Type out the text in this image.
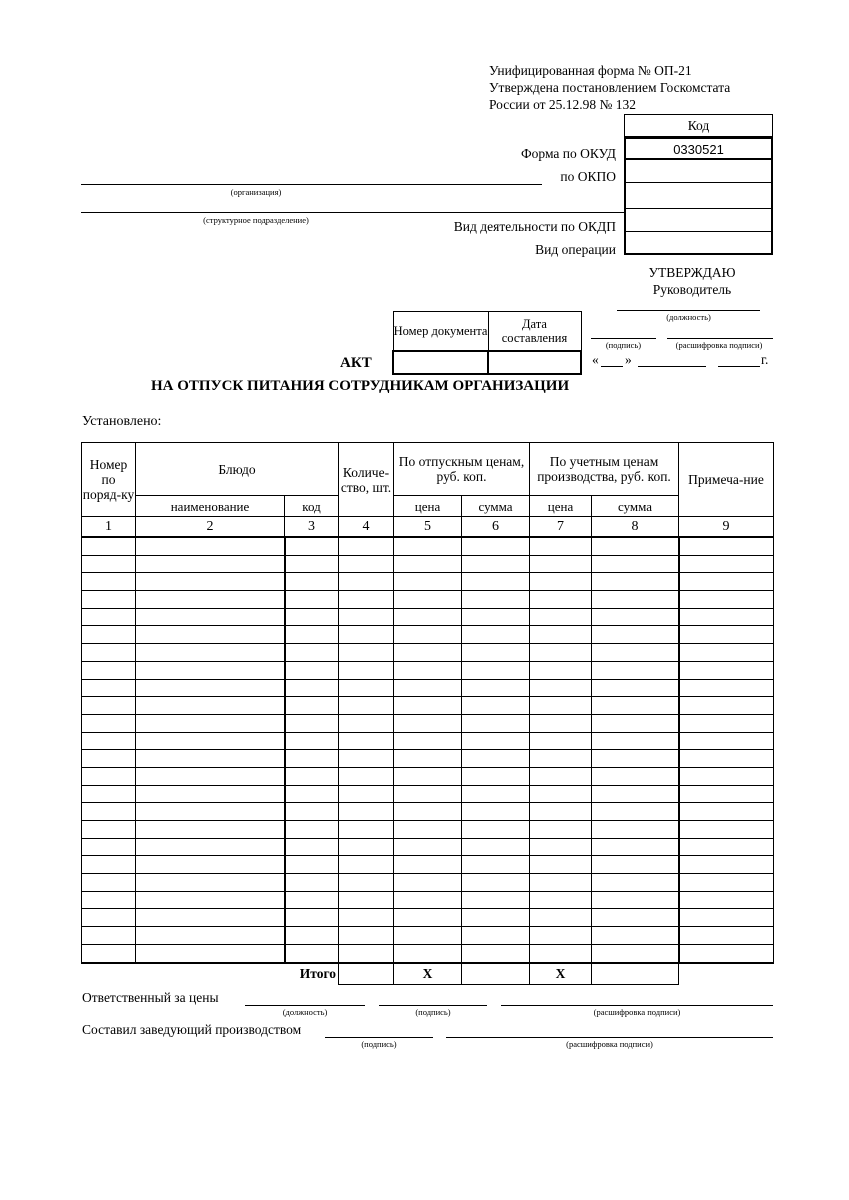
Унифицированная форма № ОП-21
Утверждена постановлением Госкомстата
России от 25.12.98 № 132
Код
0330521
Форма по ОКУД
по ОКПО
Вид деятельности по ОКДП
Вид операции
(организация)
(структурное подразделение)
УТВЕРЖДАЮ
Руководитель
(должность)
(подпись)	(расшифровка подписи)
« »	г.
Номер документа	Дата составления

АКТ
НА ОТПУСК ПИТАНИЯ СОТРУДНИКАМ ОРГАНИЗАЦИИ
Установлено:
Номер по поряд-ку	Блюдо		Количе-ство, шт.	По отпускным ценам, руб. коп.		По учетным ценам производства, руб. коп.		Примеча-ние
	наименование	код		цена	сумма	цена	сумма	
1	2	3	4	5	6	7	8	9

		Итого		X		X		
Ответственный за цены
(должность)	(подпись)	(расшифровка подписи)
Составил заведующий производством
(подпись)	(расшифровка подписи)
